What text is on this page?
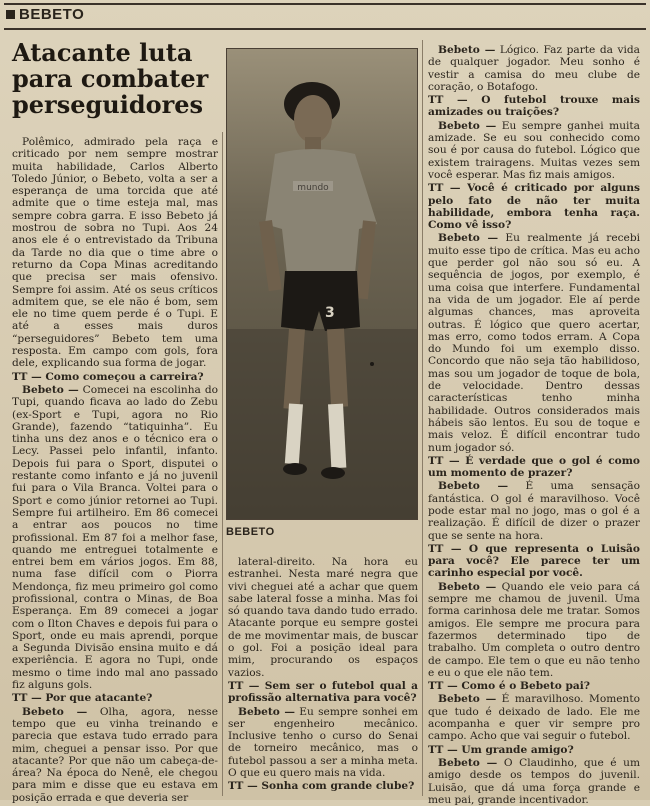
BEBETO
Atacante luta para combater perseguidores

Polêmico, admirado pela raça e criticado por nem sempre mostrar muita habilidade, Carlos Alberto Toledo Júnior, o Bebeto, volta a ser a esperança de uma torcida que até admite que o time esteja mal, mas sempre cobra garra. E isso Bebeto já mostrou de sobra no Tupi. Aos 24 anos ele é o entrevistado da Tribuna da Tarde no dia que o time abre o returno da Copa Minas acreditando que precisa ser mais ofensivo. Sempre foi assim. Até os seus críticos admitem que, se ele não é bom, sem ele no time quem perde é o Tupi. E até a esses mais duros “perseguidores” Bebeto tem uma resposta. Em campo com gols, fora dele, explicando sua forma de jogar.

TT — Como começou a carreira?

Bebeto — Comecei na escolinha do Tupi, quando ficava ao lado do Zebu (ex-Sport e Tupi, agora no Rio Grande), fazendo “tatiquinha”. Eu tinha uns dez anos e o técnico era o Lecy. Passei pelo infantil, infanto. Depois fui para o Sport, disputei o restante como infanto e já no juvenil fui para o Vila Branca. Voltei para o Sport e como júnior retornei ao Tupi. Sempre fui artilheiro. Em 86 comecei a entrar aos poucos no time profissional. Em 87 foi a melhor fase, quando me entreguei totalmente e entrei bem em vários jogos. Em 88, numa fase difícil com o Piorra Mendonça, fiz meu primeiro gol como profissional, contra o Minas, de Boa Esperança. Em 89 comecei a jogar com o Ilton Chaves e depois fui para o Sport, onde eu mais aprendi, porque a Segunda Divisão ensina muito e dá experiência. E agora no Tupi, onde mesmo o time indo mal ano passado fiz alguns gols.

TT — Por que atacante?

Bebeto — Olha, agora, nesse tempo que eu vinha treinando e parecia que estava tudo errado para mim, cheguei a pensar isso. Por que atacante? Por que não um cabeça-de-área? Na época do Nenê, ele chegou para mim e disse que eu estava em posição errada e que deveria ser

mundo
3
BEBETO

lateral-direito. Na hora eu estranhei. Nesta maré negra que vivi cheguei até a achar que quem sabe lateral fosse a minha. Mas foi só quando tava dando tudo errado. Atacante porque eu sempre gostei de me movimentar mais, de buscar o gol. Foi a posição ideal para mim, procurando os espaços vazios.

TT — Sem ser o futebol qual a profissão alternativa para você?

Bebeto — Eu sempre sonhei em ser engenheiro mecânico. Inclusive tenho o curso do Senai de torneiro mecânico, mas o futebol passou a ser a minha meta. O que eu quero mais na vida.

TT — Sonha com grande clube?

Bebeto — Lógico. Faz parte da vida de qualquer jogador. Meu sonho é vestir a camisa do meu clube de coração, o Botafogo.

TT — O futebol trouxe mais amizades ou traições?

Bebeto — Eu sempre ganhei muita amizade. Se eu sou conhecido como sou é por causa do futebol. Lógico que existem trairagens. Muitas vezes sem você esperar. Mas fiz mais amigos.

TT — Você é criticado por alguns pelo fato de não ter muita habilidade, embora tenha raça. Como vê isso?

Bebeto — Eu realmente já recebi muito esse tipo de crítica. Mas eu acho que perder gol não sou só eu. A sequência de jogos, por exemplo, é uma coisa que interfere. Fundamental na vida de um jogador. Ele aí perde algumas chances, mas aproveita outras. É lógico que quero acertar, mas erro, como todos erram. A Copa do Mundo foi um exemplo disso. Concordo que não seja tão habilidoso, mas sou um jogador de toque de bola, de velocidade. Dentro dessas características tenho minha habilidade. Outros considerados mais hábeis são lentos. Eu sou de toque e mais veloz. É difícil encontrar tudo num jogador só.

TT — É verdade que o gol é como um momento de prazer?

Bebeto — É uma sensação fantástica. O gol é maravilhoso. Você pode estar mal no jogo, mas o gol é a realização. É difícil de dizer o prazer que se sente na hora.

TT — O que representa o Luisão para você? Ele parece ter um carinho especial por você.

Bebeto — Quando ele veio para cá sempre me chamou de juvenil. Uma forma carinhosa dele me tratar. Somos amigos. Ele sempre me procura para fazermos determinado tipo de trabalho. Um completa o outro dentro de campo. Ele tem o que eu não tenho e eu o que ele não tem.

TT — Como é o Bebeto pai?

Bebeto — É maravilhoso. Momento que tudo é deixado de lado. Ele me acompanha e quer vir sempre pro campo. Acho que vai seguir o futebol.

TT — Um grande amigo?

Bebeto — O Claudinho, que é um amigo desde os tempos do juvenil. Luisão, que dá uma força grande e meu pai, grande incentivador.
